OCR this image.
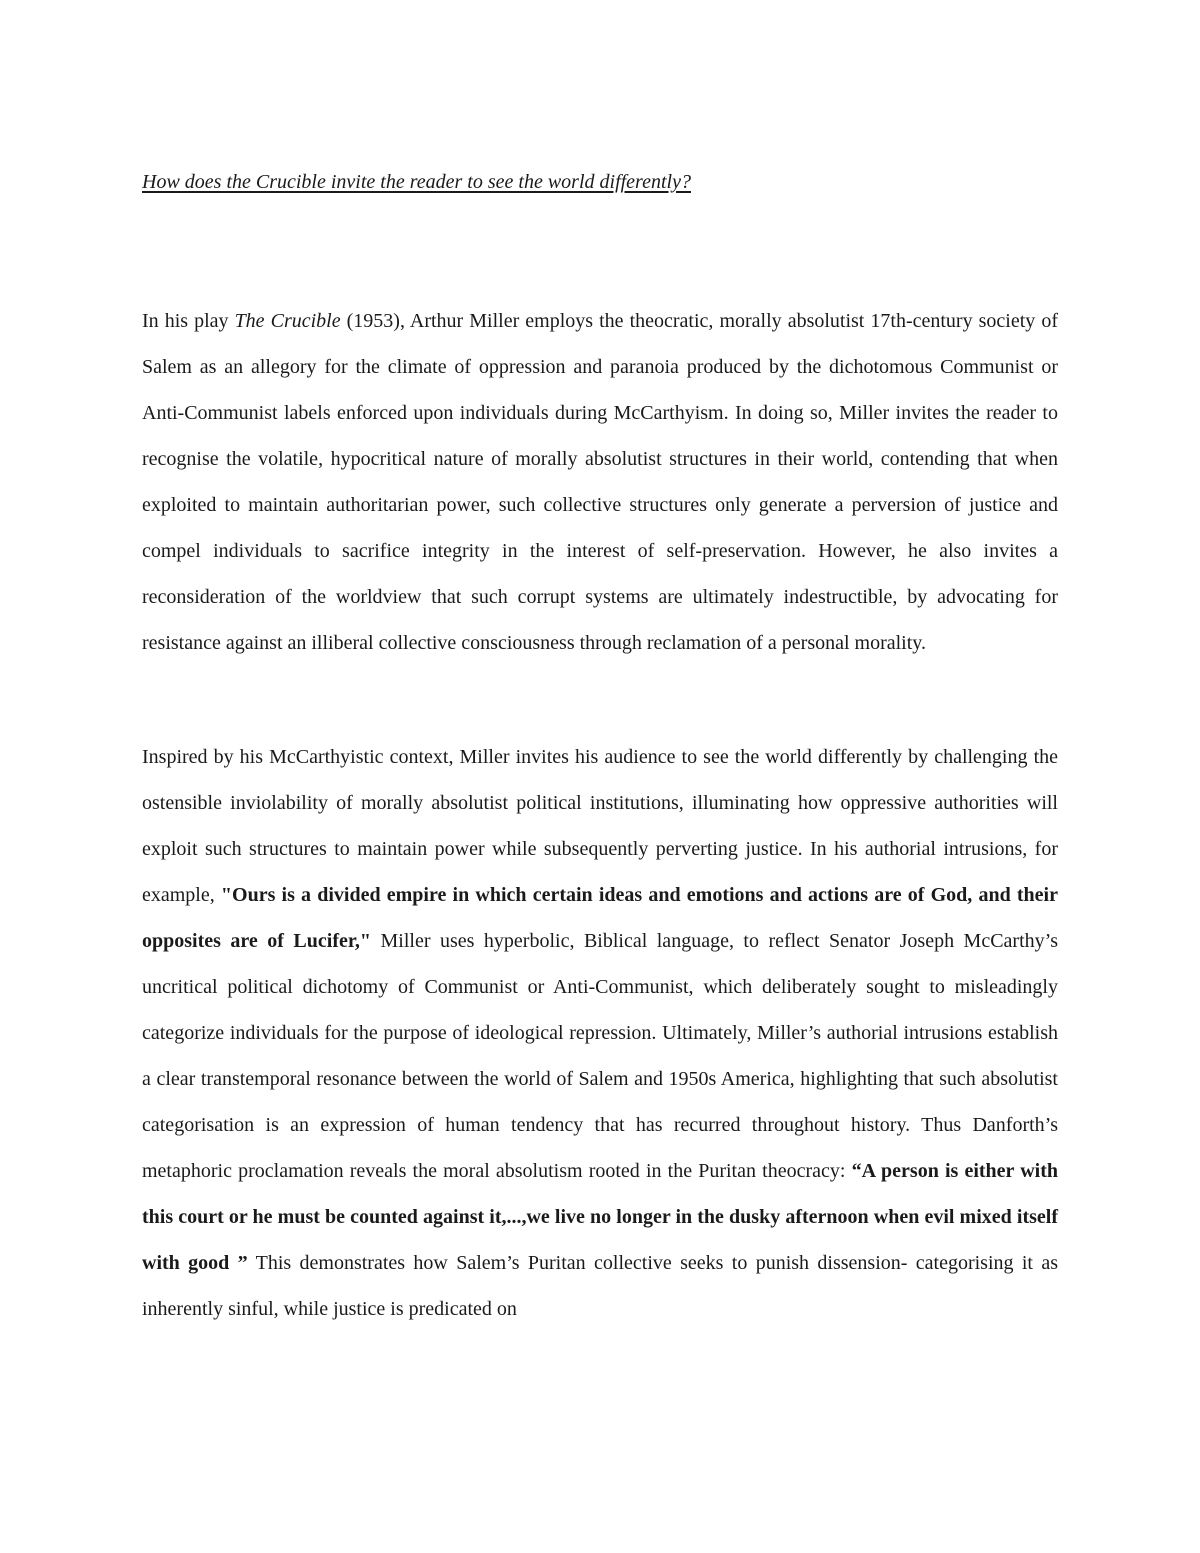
How does the Crucible invite the reader to see the world differently?

In his play The Crucible (1953), Arthur Miller employs the theocratic, morally absolutist 17th-century society of Salem as an allegory for the climate of oppression and paranoia produced by the dichotomous Communist or Anti-Communist labels enforced upon individuals during McCarthyism. In doing so, Miller invites the reader to recognise the volatile, hypocritical nature of morally absolutist structures in their world, contending that when exploited to maintain authoritarian power, such collective structures only generate a perversion of justice and compel individuals to sacrifice integrity in the interest of self-preservation. However, he also invites a reconsideration of the worldview that such corrupt systems are ultimately indestructible, by advocating for resistance against an illiberal collective consciousness through reclamation of a personal morality.

Inspired by his McCarthyistic context, Miller invites his audience to see the world differently by challenging the ostensible inviolability of morally absolutist political institutions, illuminating how oppressive authorities will exploit such structures to maintain power while subsequently perverting justice. In his authorial intrusions, for example, "Ours is a divided empire in which certain ideas and emotions and actions are of God, and their opposites are of Lucifer," Miller uses hyperbolic, Biblical language, to reflect Senator Joseph McCarthy’s uncritical political dichotomy of Communist or Anti-Communist, which deliberately sought to misleadingly categorize individuals for the purpose of ideological repression. Ultimately, Miller’s authorial intrusions establish a clear transtemporal resonance between the world of Salem and 1950s America, highlighting that such absolutist categorisation is an expression of human tendency that has recurred throughout history. Thus Danforth’s metaphoric proclamation reveals the moral absolutism rooted in the Puritan theocracy: “A person is either with this court or he must be counted against it,...,we live no longer in the dusky afternoon when evil mixed itself with good ” This demonstrates how Salem’s Puritan collective seeks to punish dissension- categorising it as inherently sinful, while justice is predicated on
